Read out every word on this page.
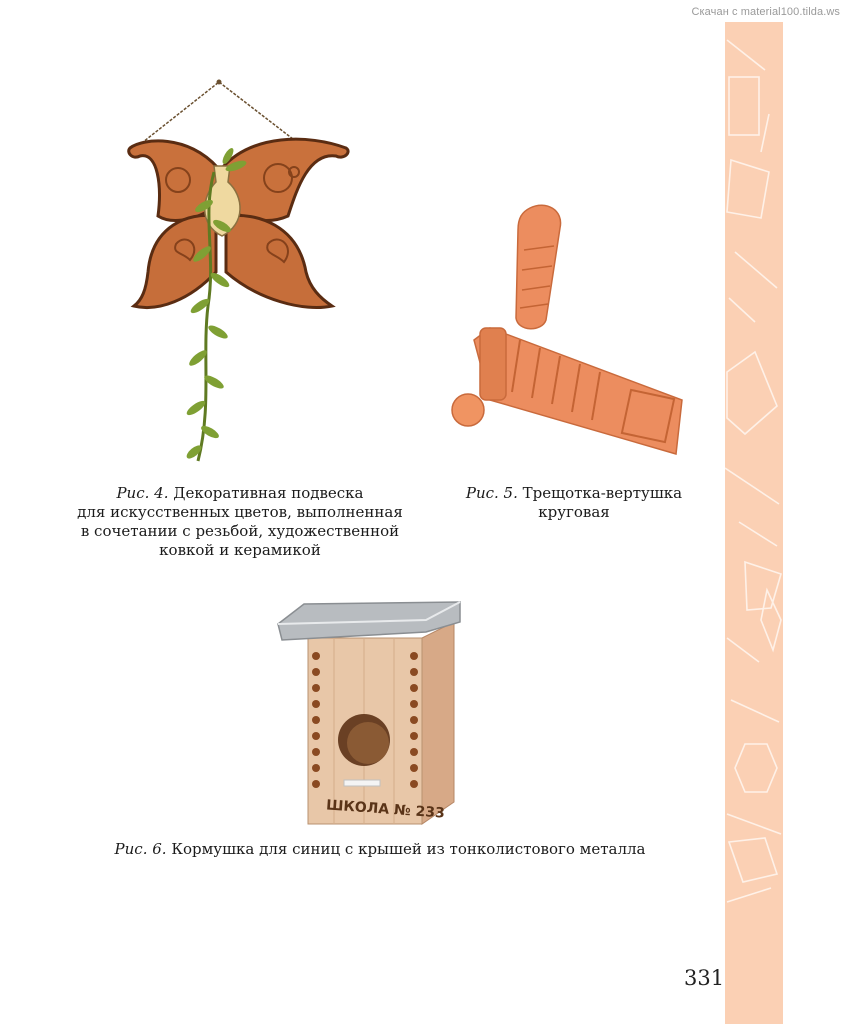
Скачан с material100.tilda.ws
ШКОЛА № 233
Рис. 4. Декоративная подвеска
для искусственных цветов, выполненная
в сочетании с резьбой, художественной
ковкой и керамикой
Рис. 5. Трещотка-вертушка
круговая
Рис. 6. Кормушка для синиц с крышей из тонколистового металла
331
